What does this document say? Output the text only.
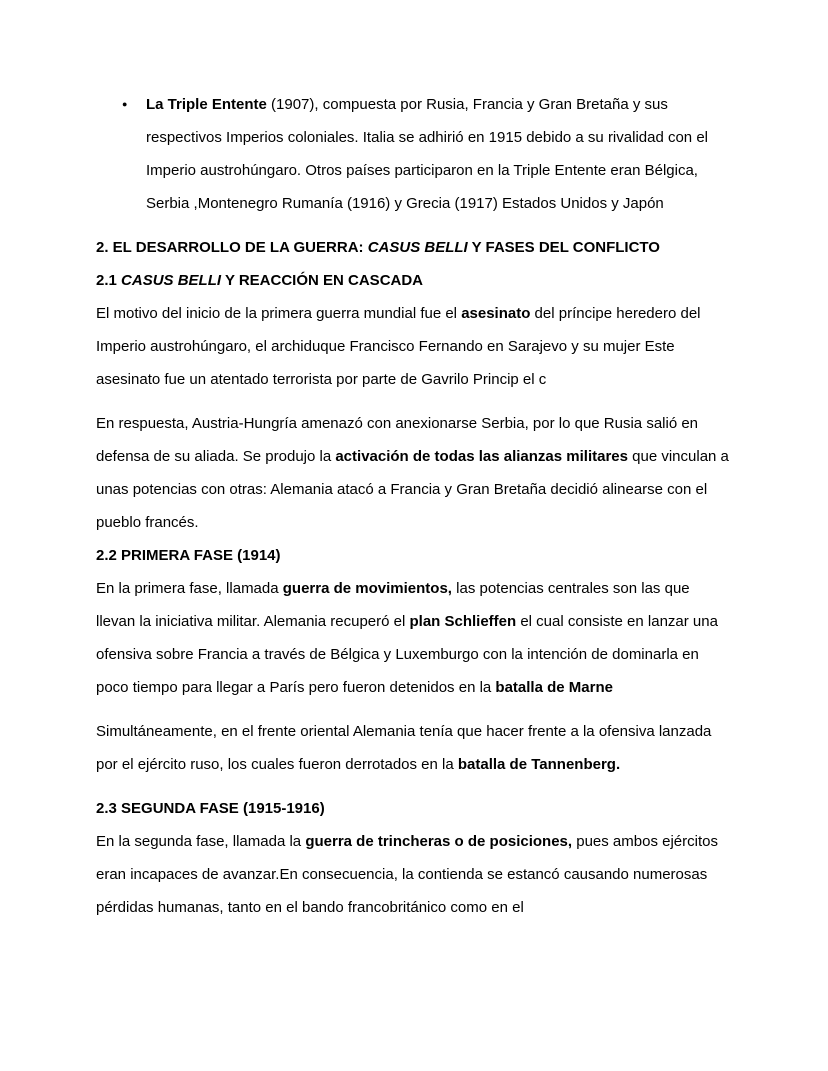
●	La Triple Entente (1907), compuesta por Rusia, Francia y Gran Bretaña y sus respectivos Imperios coloniales. Italia se adhirió en 1915 debido a su rivalidad con el Imperio austrohúngaro. Otros países participaron en la Triple Entente eran Bélgica, Serbia ,Montenegro Rumanía (1916) y Grecia (1917) Estados Unidos y Japón
2. EL DESARROLLO DE LA GUERRA: CASUS BELLI Y FASES DEL CONFLICTO
2.1 CASUS BELLI Y REACCIÓN EN CASCADA
El motivo del inicio de la primera guerra mundial fue el asesinato del príncipe heredero del Imperio austrohúngaro, el archiduque Francisco Fernando en Sarajevo y su mujer Este asesinato fue un atentado terrorista por parte de Gavrilo Princip el c
En respuesta, Austria-Hungría amenazó con anexionarse Serbia, por lo que Rusia salió en defensa de su aliada. Se produjo la activación de todas las alianzas militares que vinculan a unas potencias con otras: Alemania atacó a Francia y Gran Bretaña decidió alinearse con el pueblo francés.
2.2 PRIMERA FASE (1914)
En la primera fase, llamada guerra de movimientos, las potencias centrales son las que llevan la iniciativa militar. Alemania recuperó el plan Schlieffen el cual consiste en lanzar una ofensiva sobre Francia a través de Bélgica y Luxemburgo con la intención de dominarla en poco tiempo para llegar a París pero fueron detenidos en la batalla de Marne
Simultáneamente, en el frente oriental Alemania tenía que hacer frente a la ofensiva lanzada por el ejército ruso, los cuales fueron derrotados en la batalla de Tannenberg.
2.3 SEGUNDA FASE (1915-1916)
En la segunda fase, llamada la guerra de trincheras o de posiciones, pues ambos ejércitos eran incapaces de avanzar.En consecuencia, la contienda se estancó causando numerosas pérdidas humanas, tanto en el bando francobritánico como en el
